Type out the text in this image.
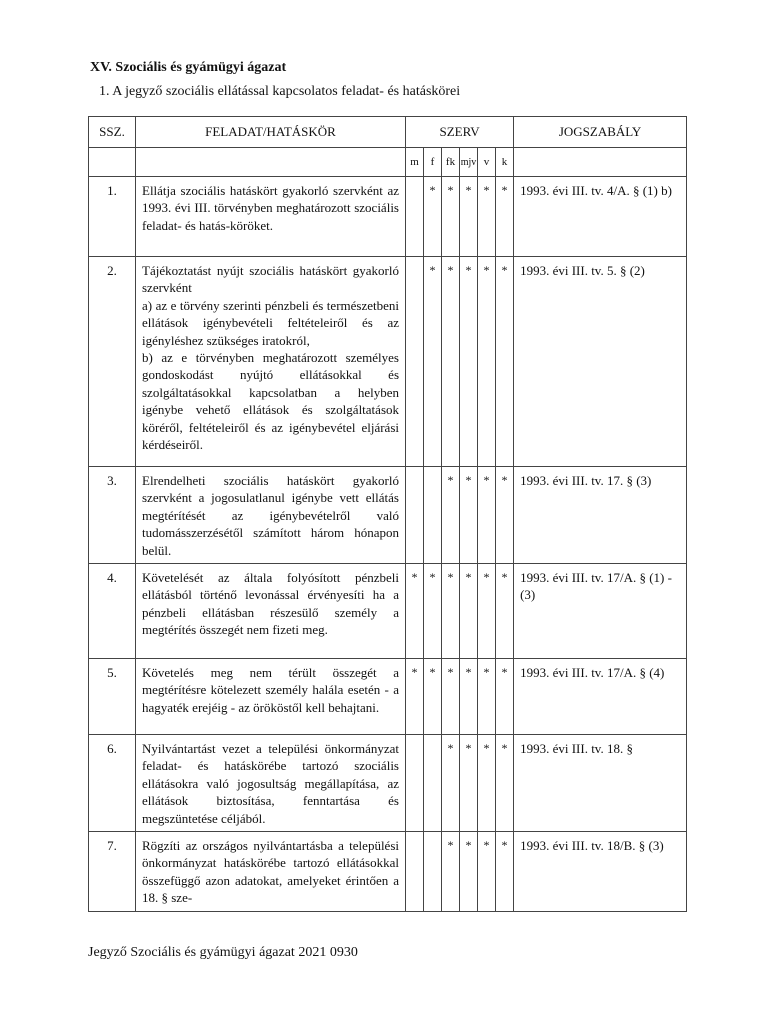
XV. Szociális és gyámügyi ágazat
1. A jegyző szociális ellátással kapcsolatos feladat- és hatáskörei
SSZ.	FELADAT/HATÁSKÖR	SZERV						JOGSZABÁLY
		m	f	fk	mjv	v	k	
1.	Ellátja szociális hatáskört gyakorló szervként az 1993. évi III. törvényben meghatározott szociális feladat- és hatás-köröket.		*	*	*	*	*	1993. évi III. tv. 4/A. § (1) b)
2.	Tájékoztatást nyújt szociális hatáskört gyakorló szervként
a) az e törvény szerinti pénzbeli és természetbeni ellátások igénybevételi feltételeiről és az igényléshez szükséges iratokról,
b) az e törvényben meghatározott személyes gondoskodást nyújtó ellátásokkal és szolgáltatásokkal kapcsolatban a helyben igénybe vehető ellátások és szolgáltatások köréről, feltételeiről és az igénybevétel eljárási kérdéseiről.		*	*	*	*	*	1993. évi III. tv. 5. § (2)
3.	Elrendelheti szociális hatáskört gyakorló szervként a jogosulatlanul igénybe vett ellátás megtérítését az igénybevételről való tudomásszerzésétől számított három hónapon belül.			*	*	*	*	1993. évi III. tv. 17. § (3)
4.	Követelését az általa folyósított pénzbeli ellátásból történő levonással érvényesíti ha a pénzbeli ellátásban részesülő személy a megtérítés összegét nem fizeti meg.	*	*	*	*	*	*	1993. évi III. tv. 17/A. § (1) - (3)
5.	Követelés meg nem térült összegét a megtérítésre kötelezett személy halála esetén - a hagyaték erejéig - az örököstől kell behajtani.	*	*	*	*	*	*	1993. évi III. tv. 17/A. § (4)
6.	Nyilvántartást vezet a települési önkormányzat feladat- és hatáskörébe tartozó szociális ellátásokra való jogosultság megállapítása, az ellátások biztosítása, fenntartása és megszüntetése céljából.			*	*	*	*	1993. évi III. tv. 18. §
7.	Rögzíti az országos nyilvántartásba a települési önkormányzat hatáskörébe tartozó ellátásokkal összefüggő azon adatokat, amelyeket érintően a 18. § sze-			*	*	*	*	1993. évi III. tv. 18/B. § (3)
Jegyző Szociális és gyámügyi ágazat 2021 0930
